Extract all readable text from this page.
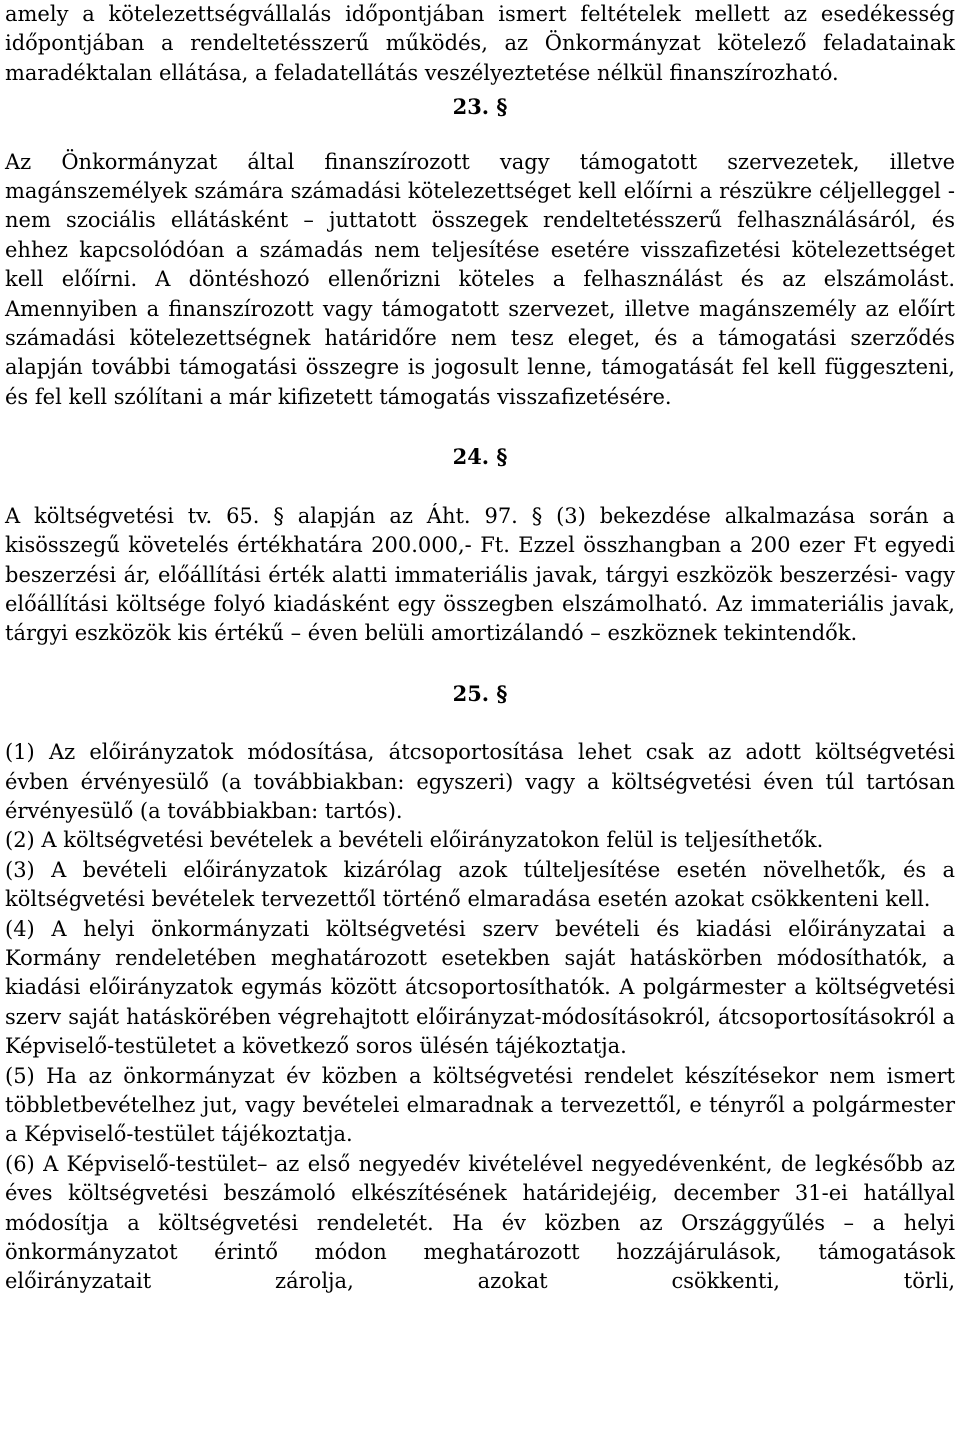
amely a kötelezettségvállalás időpontjában ismert feltételek mellett az esedékesség időpontjában a rendeltetésszerű működés, az Önkormányzat kötelező feladatainak maradéktalan ellátása, a feladatellátás veszélyeztetése nélkül finanszírozható.

23. §

Az Önkormányzat által finanszírozott vagy támogatott szervezetek, illetve magánszemélyek számára számadási kötelezettséget kell előírni a részükre céljelleggel - nem szociális ellátásként – juttatott összegek rendeltetésszerű felhasználásáról, és ehhez kapcsolódóan a számadás nem teljesítése esetére visszafizetési kötelezettséget kell előírni. A döntéshozó ellenőrizni köteles a felhasználást és az elszámolást. Amennyiben a finanszírozott vagy támogatott szervezet, illetve magánszemély az előírt számadási kötelezettségnek határidőre nem tesz eleget, és a támogatási szerződés alapján további támogatási összegre is jogosult lenne, támogatását fel kell függeszteni, és fel kell szólítani a már kifizetett támogatás visszafizetésére.

24. §

A költségvetési tv. 65. § alapján az Áht. 97. § (3) bekezdése alkalmazása során a kisösszegű követelés értékhatára 200.000,- Ft. Ezzel összhangban a 200 ezer Ft egyedi beszerzési ár, előállítási érték alatti immateriális javak, tárgyi eszközök beszerzési- vagy előállítási költsége folyó kiadásként egy összegben elszámolható. Az immateriális javak, tárgyi eszközök kis értékű – éven belüli amortizálandó – eszköznek tekintendők.

25. §

(1) Az előirányzatok módosítása, átcsoportosítása lehet csak az adott költségvetési évben érvényesülő (a továbbiakban: egyszeri) vagy a költségvetési éven túl tartósan érvényesülő (a továbbiakban: tartós).

(2) A költségvetési bevételek a bevételi előirányzatokon felül is teljesíthetők.

(3) A bevételi előirányzatok kizárólag azok túlteljesítése esetén növelhetők, és a költségvetési bevételek tervezettől történő elmaradása esetén azokat csökkenteni kell.

(4) A helyi önkormányzati költségvetési szerv bevételi és kiadási előirányzatai a Kormány rendeletében meghatározott esetekben saját hatáskörben módosíthatók, a kiadási előirányzatok egymás között átcsoportosíthatók. A polgármester a költségvetési szerv saját hatáskörében végrehajtott előirányzat-módosításokról, átcsoportosításokról a Képviselő-testületet a következő soros ülésén tájékoztatja.

(5) Ha az önkormányzat év közben a költségvetési rendelet készítésekor nem ismert többletbevételhez jut, vagy bevételei elmaradnak a tervezettől, e tényről a polgármester a Képviselő-testület tájékoztatja.

(6) A Képviselő-testület– az első negyedév kivételével negyedévenként, de legkésőbb az éves költségvetési beszámoló elkészítésének határidejéig, december 31-ei hatállyal módosítja a költségvetési rendeletét. Ha év közben az Országgyűlés – a helyi önkormányzatot érintő módon meghatározott hozzájárulások, támogatások előirányzatait zárolja, azokat csökkenti, törli,
